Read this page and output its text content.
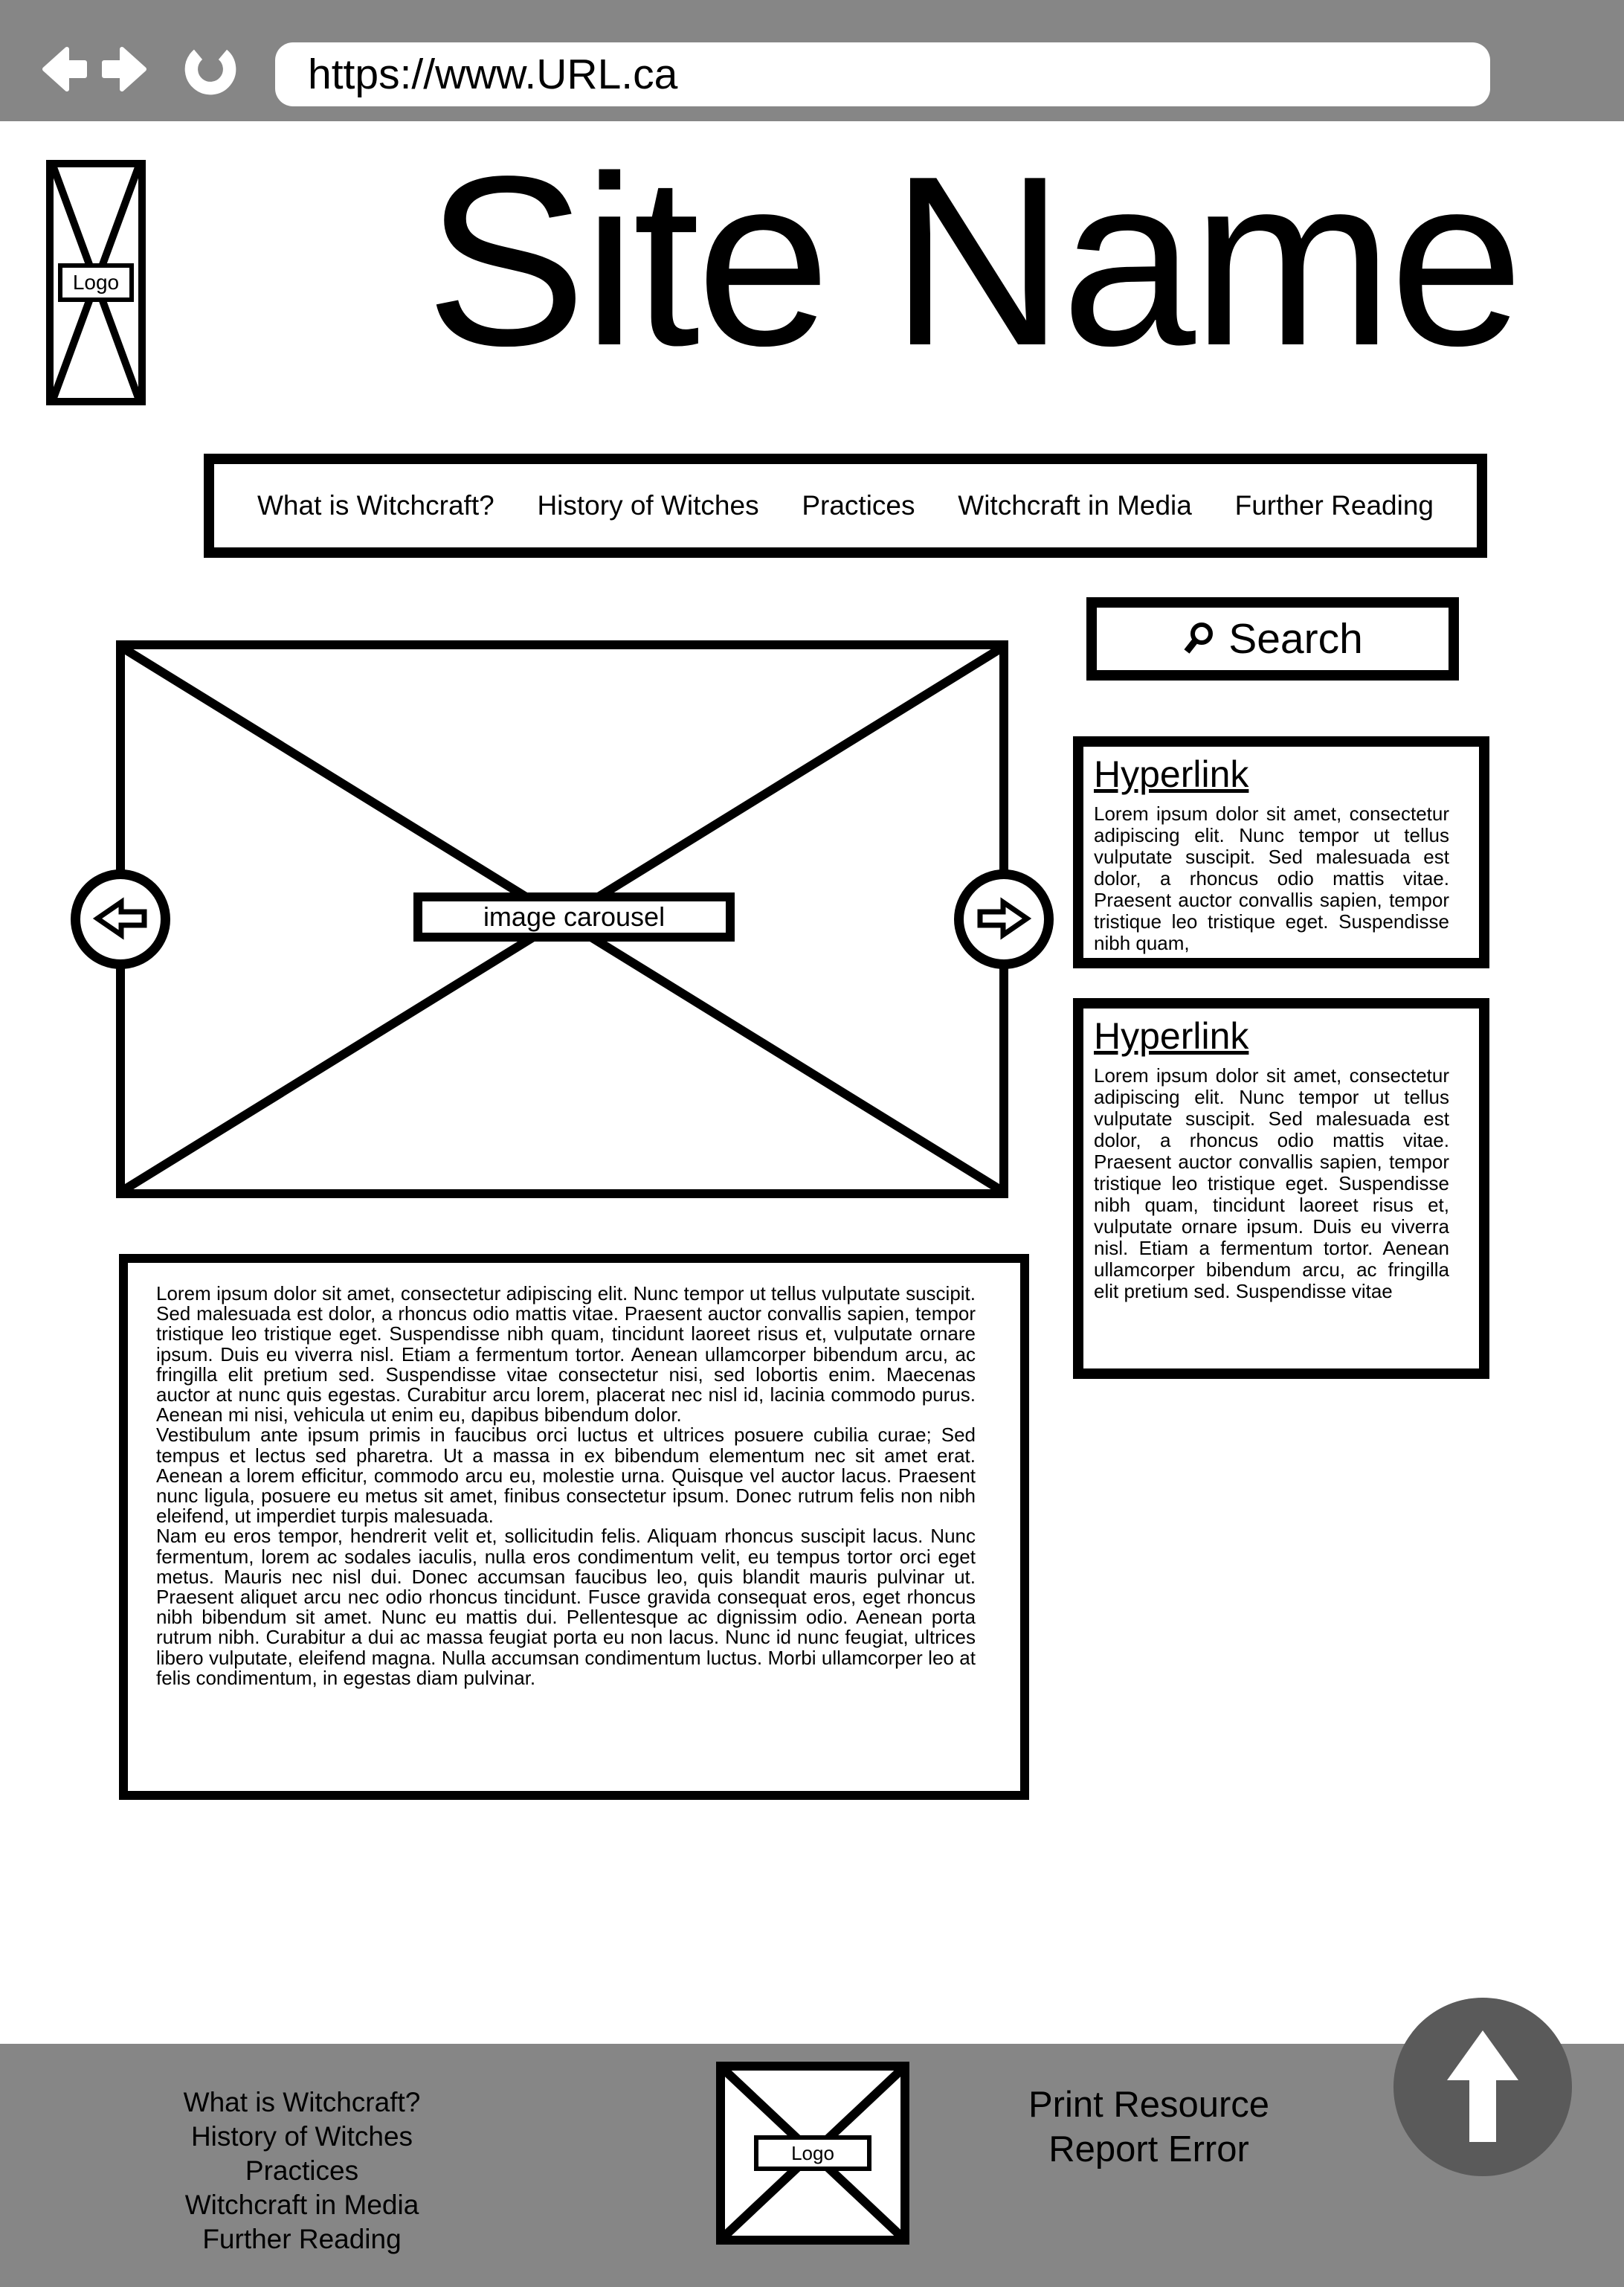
https://www.URL.ca
Logo Site Name
What is Witchcraft? History of Witches Practices Witchcraft in Media Further Reading
image carousel
Search
Hyperlink

Lorem ipsum dolor sit amet, consectetur adipiscing elit. Nunc tempor ut tellus vulputate suscipit. Sed malesuada est dolor, a rhoncus odio mattis vitae. Praesent auctor convallis sapien, tempor tristique leo tristique eget. Suspendisse nibh quam,

Hyperlink

Lorem ipsum dolor sit amet, consectetur adipiscing elit. Nunc tempor ut tellus vulputate suscipit. Sed malesuada est dolor, a rhoncus odio mattis vitae. Praesent auctor convallis sapien, tempor tristique leo tristique eget. Suspendisse nibh quam, tincidunt laoreet risus et, vulputate ornare ipsum. Duis eu viverra nisl. Etiam a fermentum tortor. Aenean ullamcorper bibendum arcu, ac fringilla elit pretium sed. Suspendisse vitae

Lorem ipsum dolor sit amet, consectetur adipiscing elit. Nunc tempor ut tellus vulputate suscipit. Sed malesuada est dolor, a rhoncus odio mattis vitae. Praesent auctor convallis sapien, tempor tristique leo tristique eget. Suspendisse nibh quam, tincidunt laoreet risus et, vulputate ornare ipsum. Duis eu viverra nisl. Etiam a fermentum tortor. Aenean ullamcorper bibendum arcu, ac fringilla elit pretium sed. Suspendisse vitae consectetur nisi, sed lobortis enim. Maecenas auctor at nunc quis egestas. Curabitur arcu lorem, placerat nec nisl id, lacinia commodo purus. Aenean mi nisi, vehicula ut enim eu, dapibus bibendum dolor.

Vestibulum ante ipsum primis in faucibus orci luctus et ultrices posuere cubilia curae; Sed tempus et lectus sed pharetra. Ut a massa in ex bibendum elementum nec sit amet erat. Aenean a lorem efficitur, commodo arcu eu, molestie urna. Quisque vel auctor lacus. Praesent nunc ligula, posuere eu metus sit amet, finibus consectetur ipsum. Donec rutrum felis non nibh eleifend, ut imperdiet turpis malesuada.

Nam eu eros tempor, hendrerit velit et, sollicitudin felis. Aliquam rhoncus suscipit lacus. Nunc fermentum, lorem ac sodales iaculis, nulla eros condimentum velit, eu tempus tortor orci eget metus. Mauris nec nisl dui. Donec accumsan faucibus leo, quis blandit mauris pulvinar ut. Praesent aliquet arcu nec odio rhoncus tincidunt. Fusce gravida consequat eros, eget rhoncus nibh bibendum sit amet. Nunc eu mattis dui. Pellentesque ac dignissim odio. Aenean porta rutrum nibh. Curabitur a dui ac massa feugiat porta eu non lacus. Nunc id nunc feugiat, ultrices libero vulputate, eleifend magna. Nulla accumsan condimentum luctus. Morbi ullamcorper leo at felis condimentum, in egestas diam pulvinar.

What is Witchcraft?
History of Witches
Practices
Witchcraft in Media
Further Reading
Logo
Print Resource
Report Error
